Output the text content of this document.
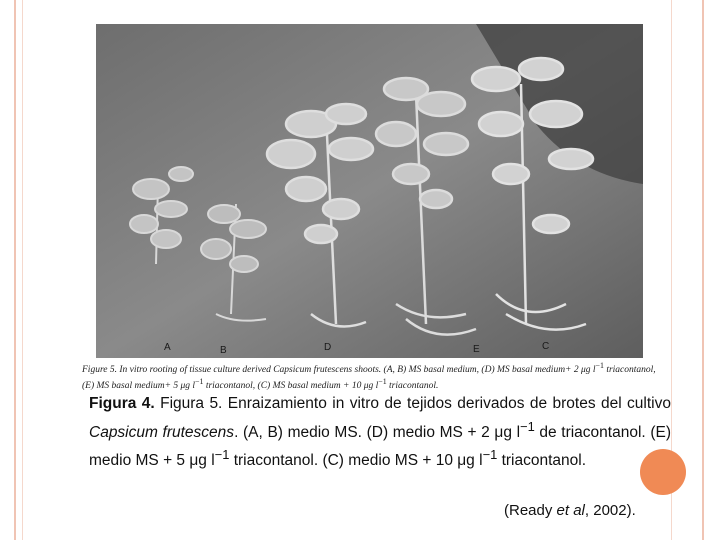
A	B	D	E	C
Figure 5. In vitro rooting of tissue culture derived Capsicum frutescens shoots. (A, B) MS basal medium, (D) MS basal medium+ 2 μg $l^{-1}$ triacontanol, (E) MS basal medium+ 5 μg $l^{-1}$ triacontanol, (C) MS basal medium + 10 μg $l^{-1}$ triacontanol.
Figura 4. Figura 5. Enraizamiento in vitro de tejidos derivados de brotes del cultivo Capsicum frutescens. (A, B) medio MS. (D) medio MS + 2 μg $l^{-1}$ de triacontanol. (E) medio MS + 5 μg $l^{-1}$ triacontanol. (C) medio MS + 10 μg $l^{-1}$ triacontanol.
(Ready et al, 2002).
